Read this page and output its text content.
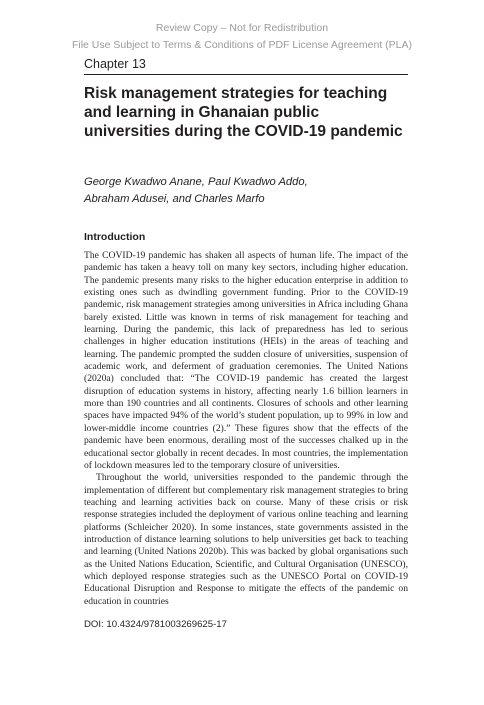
Review Copy – Not for Redistribution
File Use Subject to Terms & Conditions of PDF License Agreement (PLA)
Chapter 13
Risk management strategies for teaching and learning in Ghanaian public universities during the COVID-19 pandemic
George Kwadwo Anane, Paul Kwadwo Addo,
Abraham Adusei, and Charles Marfo
Introduction

The COVID-19 pandemic has shaken all aspects of human life. The impact of the pandemic has taken a heavy toll on many key sectors, including higher education. The pandemic presents many risks to the higher education enterprise in addition to existing ones such as dwindling government funding. Prior to the COVID-19 pandemic, risk management strategies among universities in Africa including Ghana barely existed. Little was known in terms of risk management for teaching and learning. During the pandemic, this lack of preparedness has led to serious challenges in higher education institutions (HEIs) in the areas of teaching and learning. The pandemic prompted the sudden closure of universities, suspension of academic work, and deferment of graduation ceremonies. The United Nations (2020a) concluded that: “The COVID-19 pandemic has created the largest disruption of education systems in history, affecting nearly 1.6 billion learners in more than 190 countries and all continents. Closures of schools and other learning spaces have impacted 94% of the world’s student population, up to 99% in low and lower-middle income countries (2).” These figures show that the effects of the pandemic have been enormous, derailing most of the successes chalked up in the educational sector globally in recent decades. In most countries, the implementation of lockdown measures led to the temporary closure of universities.

Throughout the world, universities responded to the pandemic through the implementation of different but complementary risk management strategies to bring teaching and learning activities back on course. Many of these crisis or risk response strategies included the deployment of various online teaching and learning platforms (Schleicher 2020). In some instances, state governments assisted in the introduction of distance learning solutions to help universities get back to teaching and learning (United Nations 2020b). This was backed by global organisations such as the United Nations Education, Scientific, and Cultural Organisation (UNESCO), which deployed response strategies such as the UNESCO Portal on COVID-19 Educational Disruption and Response to mitigate the effects of the pandemic on education in countries

DOI: 10.4324/9781003269625-17
